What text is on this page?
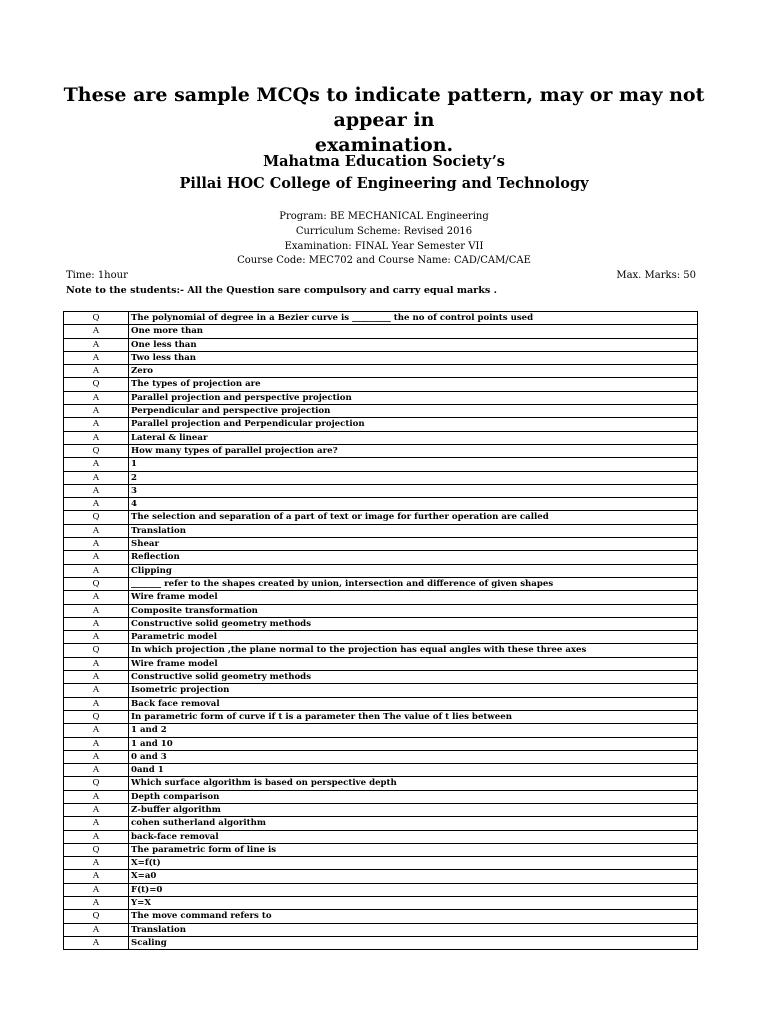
These are sample MCQs to indicate pattern, may or may not appear in
examination.
Mahatma Education Society’s
Pillai HOC College of Engineering and Technology
Program: BE MECHANICAL Engineering
Curriculum Scheme: Revised 2016
Examination: FINAL Year Semester VII
Course Code: MEC702 and Course Name: CAD/CAM/CAE
Time: 1hour	Max. Marks: 50
Note to the students:- All the Question sare compulsory and carry equal marks .
Q	The polynomial of degree in a Bezier curve is _________ the no of control points used
A	One more than
A	One less than
A	Two less than
A	Zero
Q	The types of projection are
A	Parallel projection and perspective projection
A	Perpendicular and perspective projection
A	Parallel projection and Perpendicular projection
A	Lateral & linear
Q	How many types of parallel projection are?
A	1
A	2
A	3
A	4
Q	The selection and separation of a part of text or image for further operation are called
A	Translation
A	Shear
A	Reflection
A	Clipping
Q	_______ refer to the shapes created by union, intersection and difference of given shapes
A	Wire frame model
A	Composite transformation
A	Constructive solid geometry methods
A	Parametric model
Q	In which projection ,the plane normal to the projection has equal angles with these three axes
A	Wire frame model
A	Constructive solid geometry methods
A	Isometric projection
A	Back face removal
Q	In parametric form of curve if t is a parameter then The value of t lies between
A	1 and 2
A	1 and 10
A	0 and 3
A	0and 1
Q	Which surface algorithm is based on perspective depth
A	Depth comparison
A	Z-buffer algorithm
A	cohen sutherland algorithm
A	back-face removal
Q	The parametric form of line is
A	X=f(t)
A	X=a0
A	F(t)=0
A	Y=X
Q	The move command refers to
A	Translation
A	Scaling
